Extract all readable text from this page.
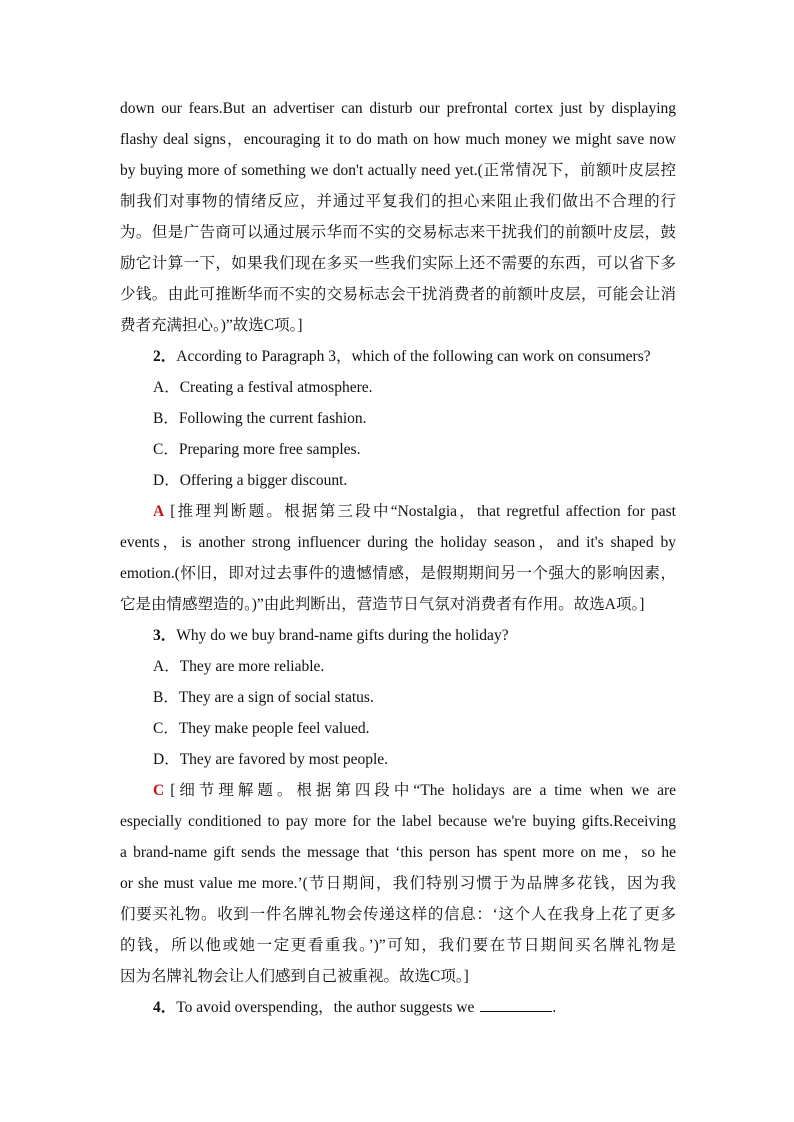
down our fears.But an advertiser can disturb our prefrontal cortex just by displaying

flashy deal signs，encouraging it to do math on how much money we might save now

by buying more of something we don't actually need yet.(正常情况下，前额叶皮层控

制我们对事物的情绪反应，并通过平复我们的担心来阻止我们做出不合理的行

为。但是广告商可以通过展示华而不实的交易标志来干扰我们的前额叶皮层，鼓

励它计算一下，如果我们现在多买一些我们实际上还不需要的东西，可以省下多

少钱。由此可推断华而不实的交易标志会干扰消费者的前额叶皮层，可能会让消

费者充满担心。)”故选C项。]

2．According to Paragraph 3，which of the following can work on consumers?

A．Creating a festival atmosphere.

B．Following the current fashion.

C．Preparing more free samples.

D．Offering a bigger discount.

A [推理判断题。根据第三段中“Nostalgia，that regretful affection for past

events，is another strong influencer during the holiday season，and it's shaped by

emotion.(怀旧，即对过去事件的遗憾情感，是假期期间另一个强大的影响因素，

它是由情感塑造的。)”由此判断出，营造节日气氛对消费者有作用。故选A项。]

3．Why do we buy brand-name gifts during the holiday?

A．They are more reliable.

B．They are a sign of social status.

C．They make people feel valued.

D．They are favored by most people.

C [细节理解题。根据第四段中“The holidays are a time when we are

especially conditioned to pay more for the label because we're buying gifts.Receiving

a brand-name gift sends the message that ‘this person has spent more on me，so he

or she must value me more.’(节日期间，我们特别习惯于为品牌多花钱，因为我

们要买礼物。收到一件名牌礼物会传递这样的信息：‘这个人在我身上花了更多

的钱，所以他或她一定更看重我。’)”可知，我们要在节日期间买名牌礼物是

因为名牌礼物会让人们感到自己被重视。故选C项。]

4．To avoid overspending，the author suggests we	.
